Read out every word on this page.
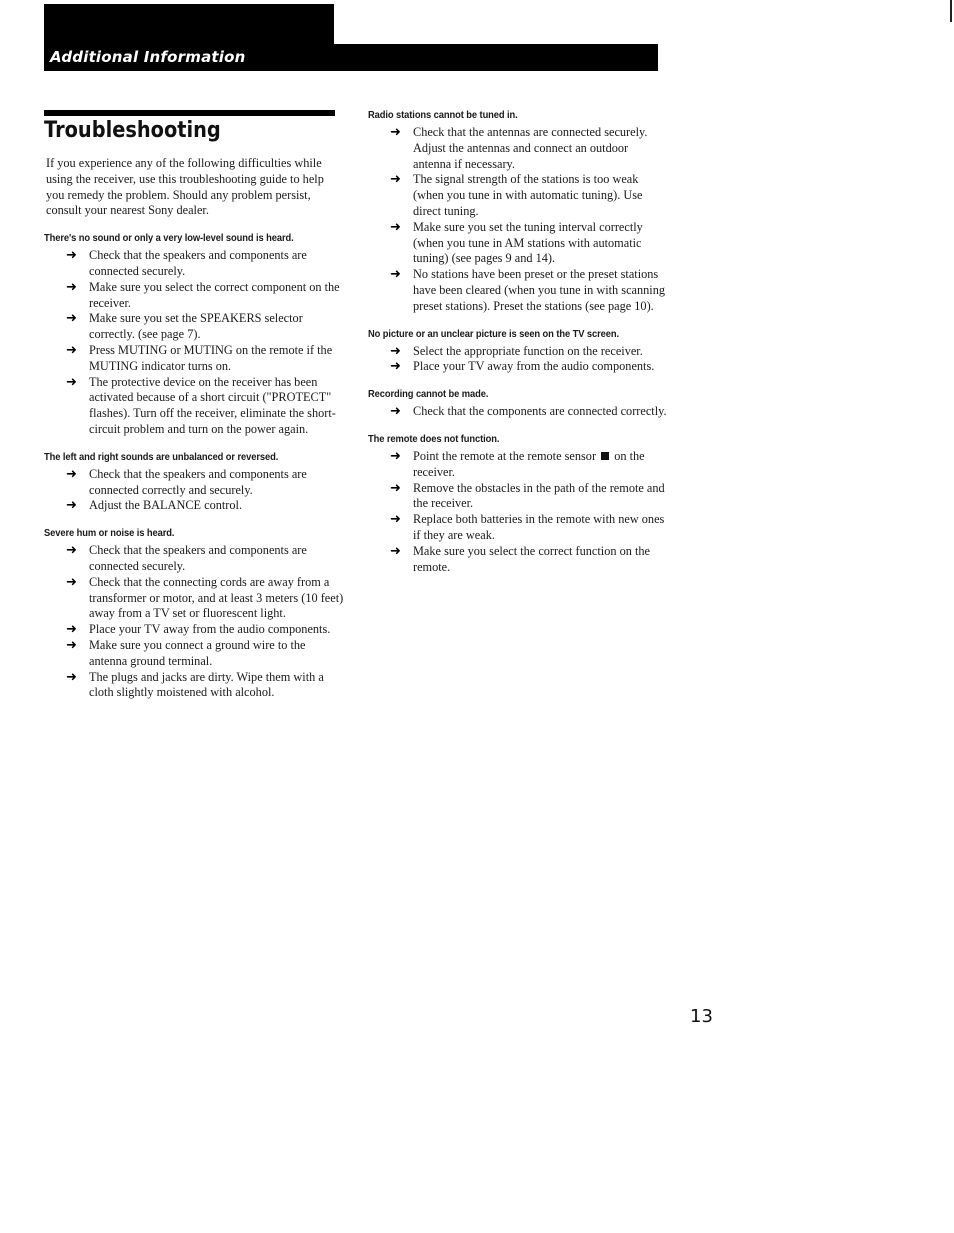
Additional Information
Troubleshooting

If you experience any of the following difficulties while using the receiver, use this troubleshooting guide to help you remedy the problem. Should any problem persist, consult your nearest Sony dealer.

There's no sound or only a very low-level sound is heard.
➜ Check that the speakers and components are connected securely.
➜ Make sure you select the correct component on the receiver.
➜ Make sure you set the SPEAKERS selector correctly. (see page 7).
➜ Press MUTING or MUTING on the remote if the MUTING indicator turns on.
➜ The protective device on the receiver has been activated because of a short circuit ("PROTECT" flashes). Turn off the receiver, eliminate the short-circuit problem and turn on the power again.
The left and right sounds are unbalanced or reversed.
➜ Check that the speakers and components are connected correctly and securely.
➜ Adjust the BALANCE control.
Severe hum or noise is heard.
➜ Check that the speakers and components are connected securely.
➜ Check that the connecting cords are away from a transformer or motor, and at least 3 meters (10 feet) away from a TV set or fluorescent light.
➜ Place your TV away from the audio components.
➜ Make sure you connect a ground wire to the antenna ground terminal.
➜ The plugs and jacks are dirty. Wipe them with a cloth slightly moistened with alcohol.
Radio stations cannot be tuned in.
➜ Check that the antennas are connected securely. Adjust the antennas and connect an outdoor antenna if necessary.
➜ The signal strength of the stations is too weak (when you tune in with automatic tuning). Use direct tuning.
➜ Make sure you set the tuning interval correctly (when you tune in AM stations with automatic tuning) (see pages 9 and 14).
➜ No stations have been preset or the preset stations have been cleared (when you tune in with scanning preset stations). Preset the stations (see page 10).
No picture or an unclear picture is seen on the TV screen.
➜ Select the appropriate function on the receiver.
➜ Place your TV away from the audio components.
Recording cannot be made.
➜ Check that the components are connected correctly.
The remote does not function.
➜ Point the remote at the remote sensor on the receiver.
➜ Remove the obstacles in the path of the remote and the receiver.
➜ Replace both batteries in the remote with new ones if they are weak.
➜ Make sure you select the correct function on the remote.
13
